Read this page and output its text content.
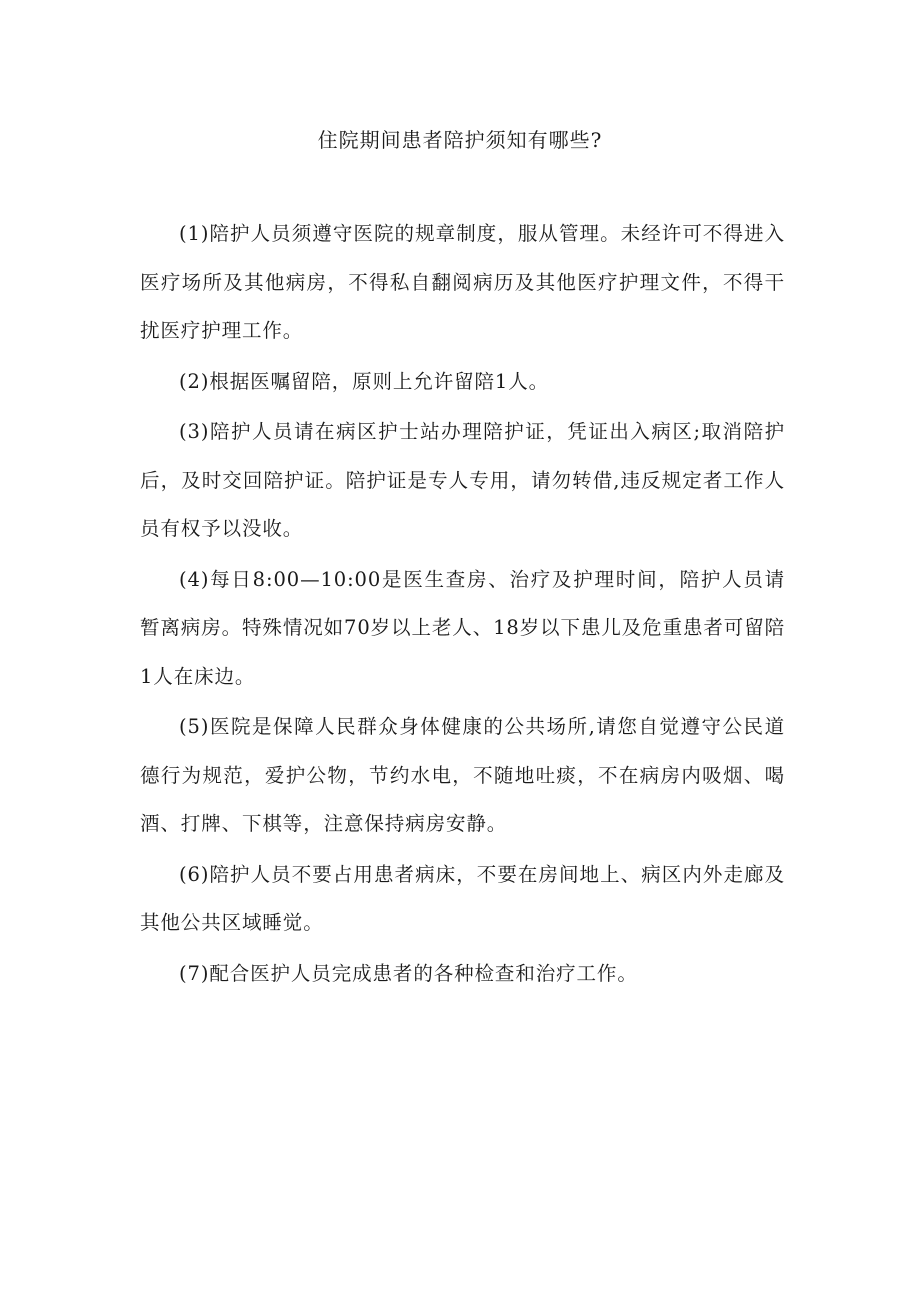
住院期间患者陪护须知有哪些?

(1)陪护人员须遵守医院的规章制度，服从管理。未经许可不得进入医疗场所及其他病房，不得私自翻阅病历及其他医疗护理文件，不得干扰医疗护理工作。

(2)根据医嘱留陪，原则上允许留陪1人。

(3)陪护人员请在病区护士站办理陪护证，凭证出入病区;取消陪护后，及时交回陪护证。陪护证是专人专用，请勿转借,违反规定者工作人员有权予以没收。

(4)每日8:00—10:00是医生查房、治疗及护理时间，陪护人员请暂离病房。特殊情况如70岁以上老人、18岁以下患儿及危重患者可留陪1人在床边。

(5)医院是保障人民群众身体健康的公共场所,请您自觉遵守公民道德行为规范，爱护公物，节约水电，不随地吐痰，不在病房内吸烟、喝酒、打牌、下棋等，注意保持病房安静。

(6)陪护人员不要占用患者病床，不要在房间地上、病区内外走廊及其他公共区域睡觉。

(7)配合医护人员完成患者的各种检查和治疗工作。
